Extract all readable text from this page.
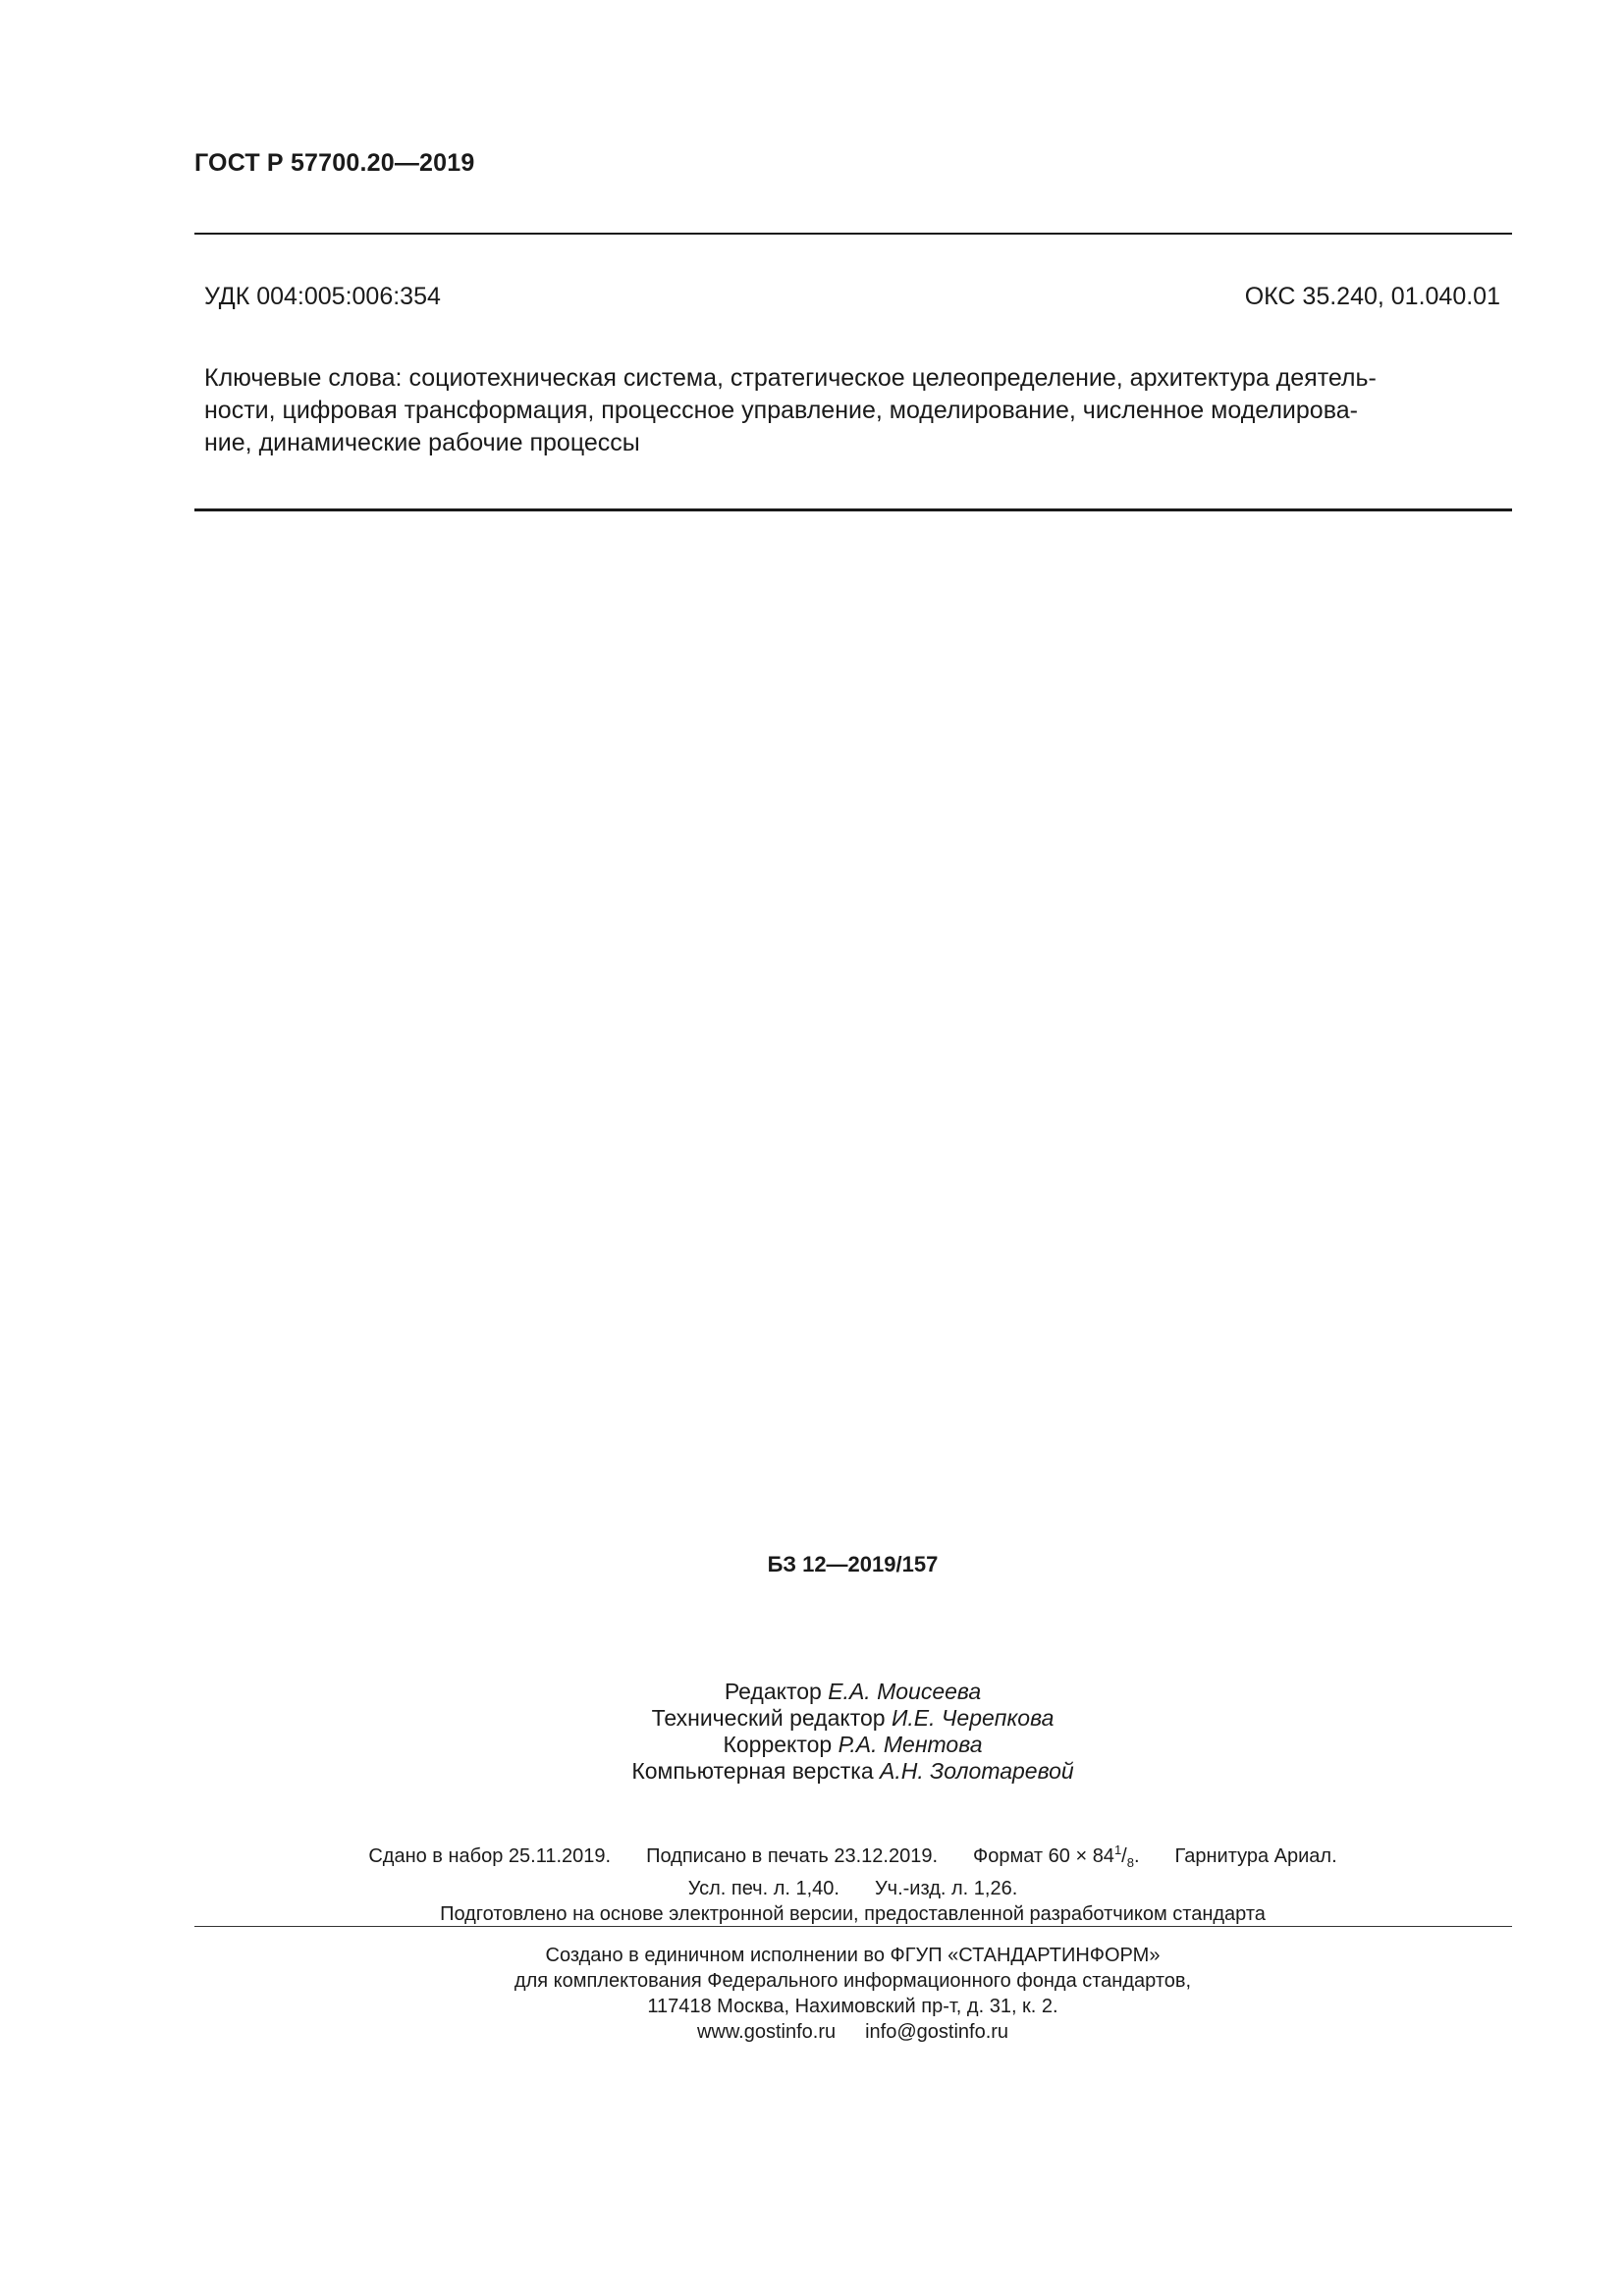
ГОСТ Р 57700.20—2019
УДК 004:005:006:354	ОКС 35.240, 01.040.01
Ключевые слова: социотехническая система, стратегическое целеопределение, архитектура деятель-
ности, цифровая трансформация, процессное управление, моделирование, численное моделирова-
ние, динамические рабочие процессы
БЗ 12—2019/157
Редактор Е.А. Моисеева
Технический редактор И.Е. Черепкова
Корректор Р.А. Ментова
Компьютерная верстка А.Н. Золотаревой
Сдано в набор 25.11.2019. Подписано в печать 23.12.2019. Формат $60 \times 84^1/_8$. Гарнитура Ариал.
Усл. печ. л. 1,40. Уч.-изд. л. 1,26.
Подготовлено на основе электронной версии, предоставленной разработчиком стандарта
Создано в единичном исполнении во ФГУП «СТАНДАРТИНФОРМ»
для комплектования Федерального информационного фонда стандартов,
117418 Москва, Нахимовский пр-т, д. 31, к. 2.
www.gostinfo.ru info@gostinfo.ru
